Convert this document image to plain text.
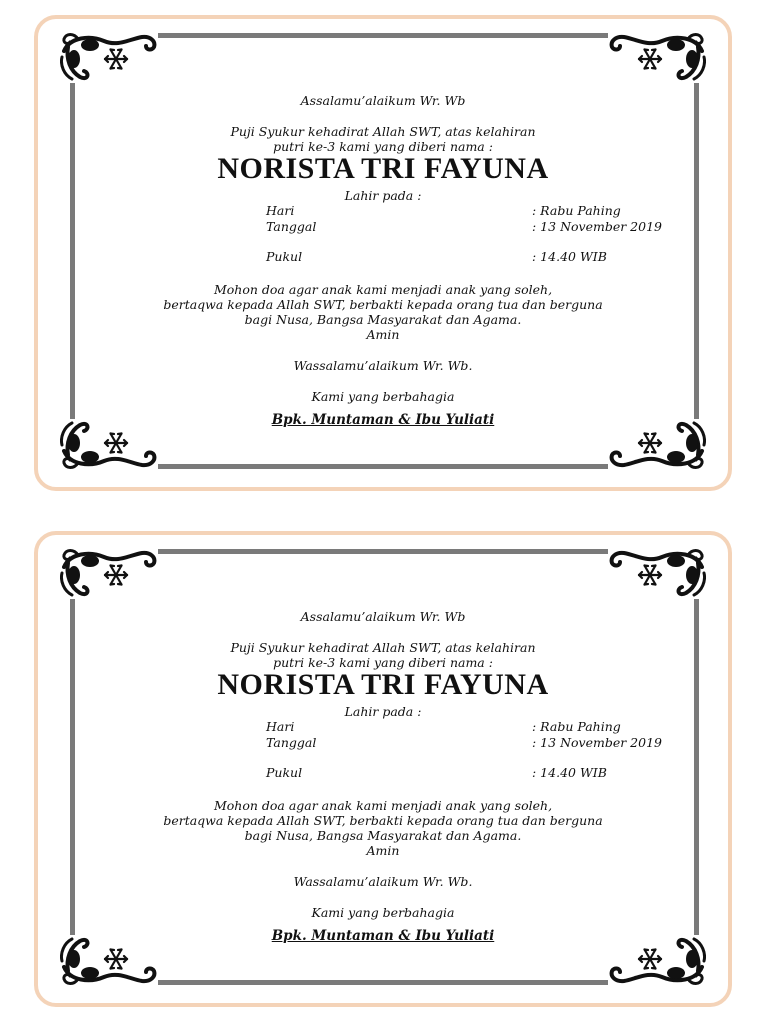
Assalamu’alaikum Wr. Wb
Puji Syukur kehadirat Allah SWT, atas kelahiran
putri ke-3 kami yang diberi nama :
NORISTA TRI FAYUNA
Lahir pada :
Hari	: Rabu Pahing
Tanggal	: 13 November 2019
Pukul	: 14.40 WIB
Mohon doa agar anak kami menjadi anak yang soleh,
bertaqwa kepada Allah SWT, berbakti kepada orang tua dan berguna
bagi Nusa, Bangsa Masyarakat dan Agama.
Amin
Wassalamu’alaikum Wr. Wb.
Kami yang berbahagia
Bpk. Muntaman & Ibu Yuliati
Assalamu’alaikum Wr. Wb
Puji Syukur kehadirat Allah SWT, atas kelahiran
putri ke-3 kami yang diberi nama :
NORISTA TRI FAYUNA
Lahir pada :
Hari	: Rabu Pahing
Tanggal	: 13 November 2019
Pukul	: 14.40 WIB
Mohon doa agar anak kami menjadi anak yang soleh,
bertaqwa kepada Allah SWT, berbakti kepada orang tua dan berguna
bagi Nusa, Bangsa Masyarakat dan Agama.
Amin
Wassalamu’alaikum Wr. Wb.
Kami yang berbahagia
Bpk. Muntaman & Ibu Yuliati
